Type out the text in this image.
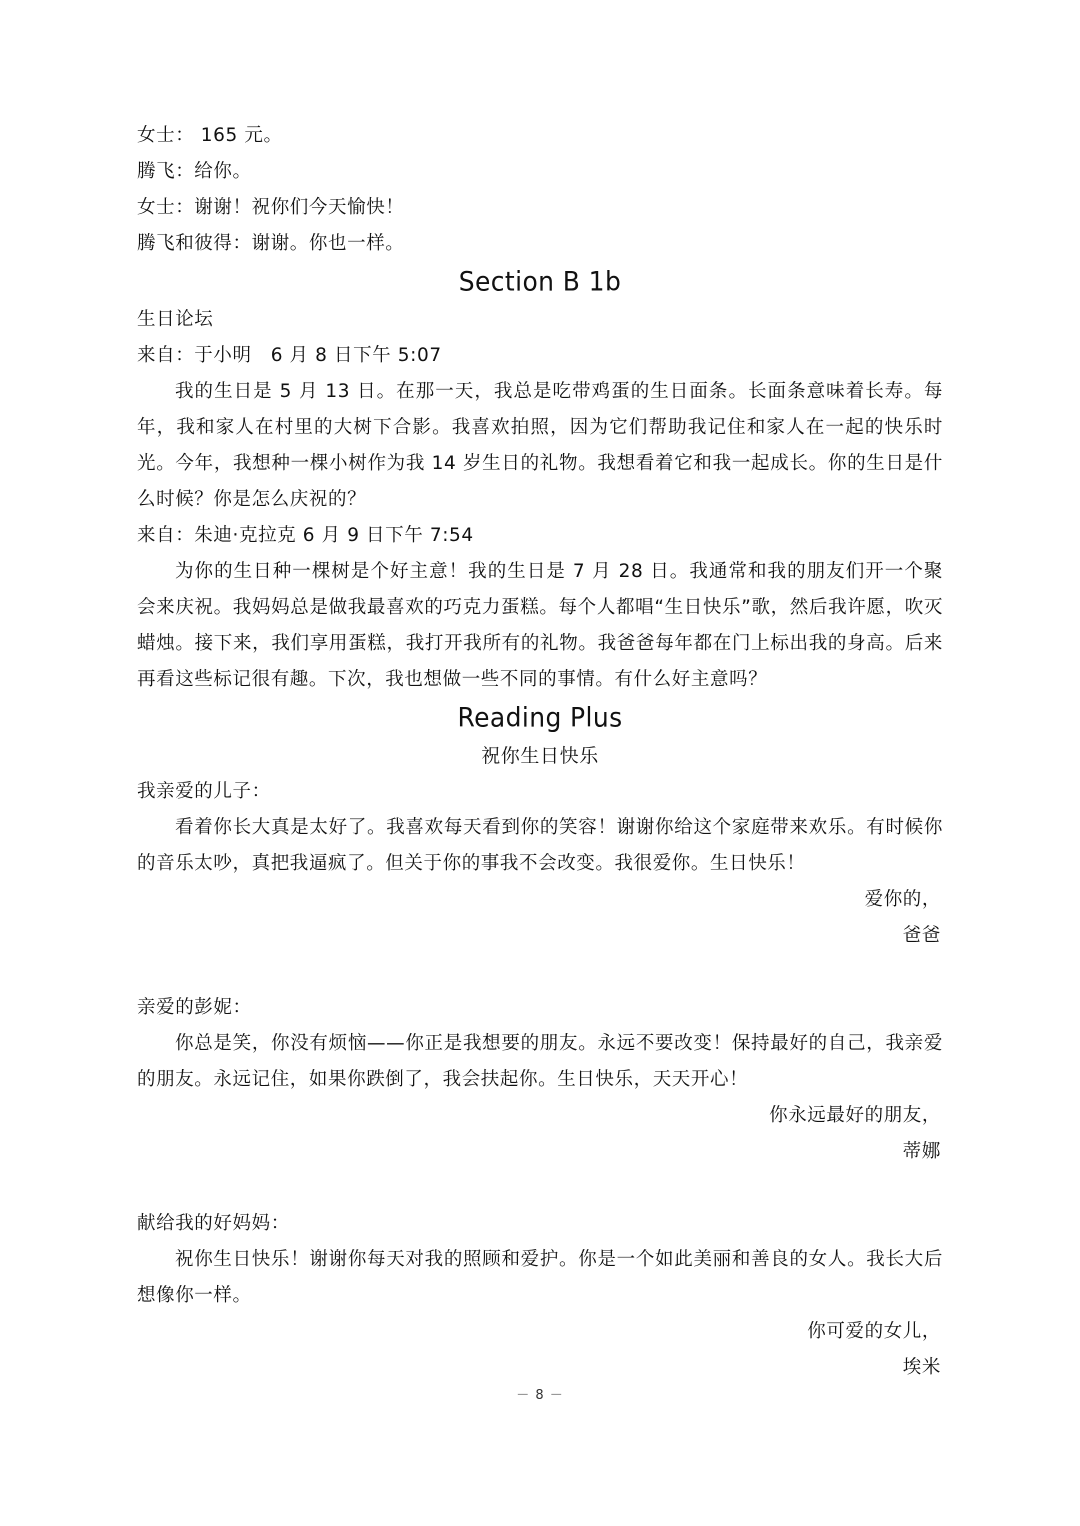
女士： 165 元。

腾飞：给你。

女士：谢谢！祝你们今天愉快！

腾飞和彼得：谢谢。你也一样。

Section B 1b

生日论坛

来自：于小明　6 月 8 日下午 5:07

我的生日是 5 月 13 日。在那一天，我总是吃带鸡蛋的生日面条。长面条意味着长寿。每年，我和家人在村里的大树下合影。我喜欢拍照，因为它们帮助我记住和家人在一起的快乐时光。今年，我想种一棵小树作为我 14 岁生日的礼物。我想看着它和我一起成长。你的生日是什么时候？你是怎么庆祝的？

来自：朱迪·克拉克 6 月 9 日下午 7:54

为你的生日种一棵树是个好主意！我的生日是 7 月 28 日。我通常和我的朋友们开一个聚会来庆祝。我妈妈总是做我最喜欢的巧克力蛋糕。每个人都唱“生日快乐”歌，然后我许愿，吹灭蜡烛。接下来，我们享用蛋糕，我打开我所有的礼物。我爸爸每年都在门上标出我的身高。后来再看这些标记很有趣。下次，我也想做一些不同的事情。有什么好主意吗？

Reading Plus

祝你生日快乐

我亲爱的儿子：

看着你长大真是太好了。我喜欢每天看到你的笑容！谢谢你给这个家庭带来欢乐。有时候你的音乐太吵，真把我逼疯了。但关于你的事我不会改变。我很爱你。生日快乐！

爱你的，

爸爸

亲爱的彭妮：

你总是笑，你没有烦恼——你正是我想要的朋友。永远不要改变！保持最好的自己，我亲爱的朋友。永远记住，如果你跌倒了，我会扶起你。生日快乐，天天开心！

你永远最好的朋友，

蒂娜

献给我的好妈妈：

祝你生日快乐！谢谢你每天对我的照顾和爱护。你是一个如此美丽和善良的女人。我长大后想像你一样。

你可爱的女儿，

埃米

－ 8 －
